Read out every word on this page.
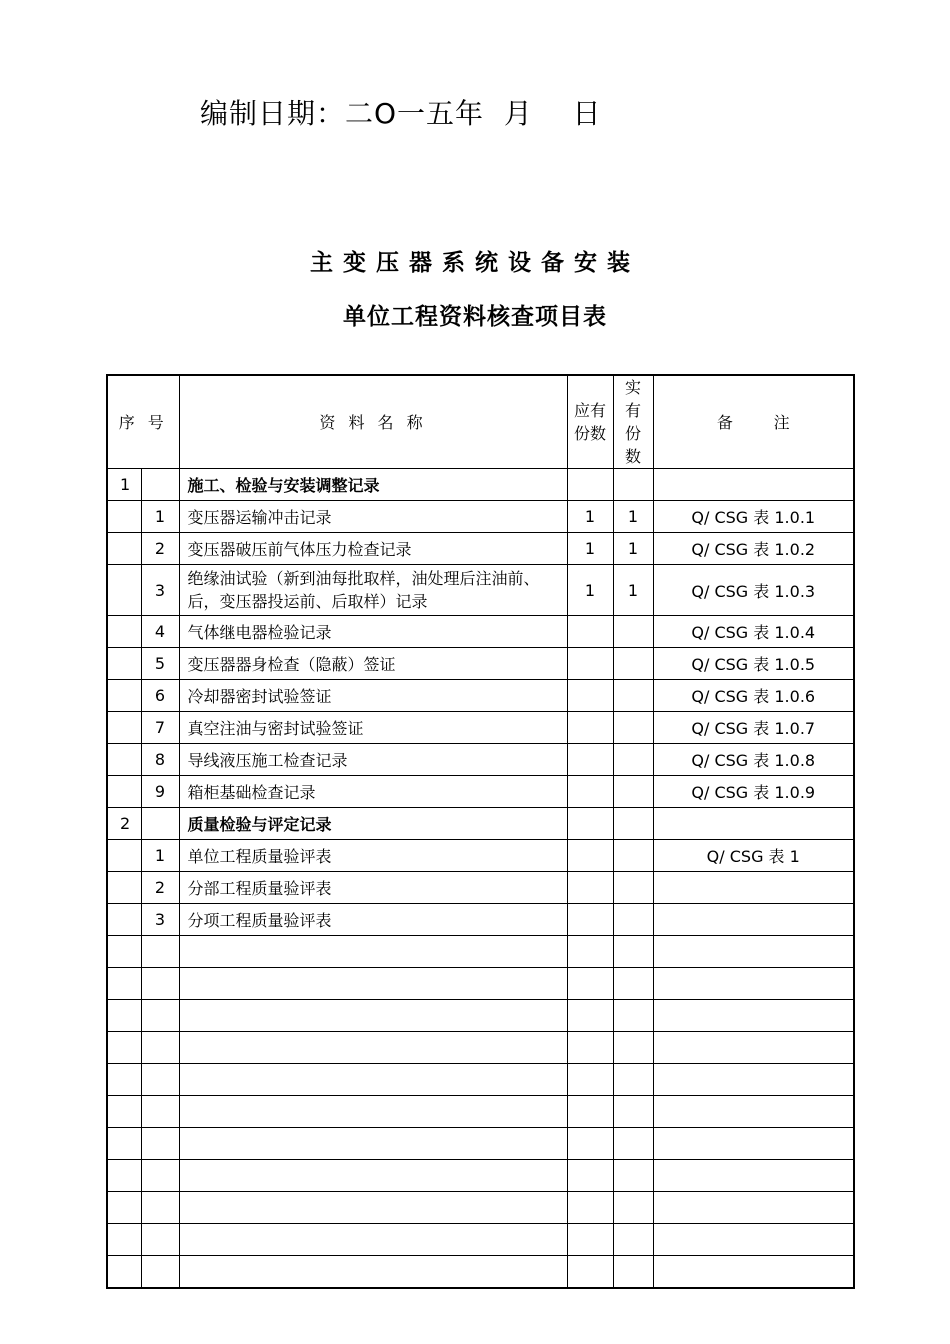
编制日期：二O一五年  月    日
主变压器系统设备安装
单位工程资料核查项目表
序 号		资 料 名 称	应有份数	实有份数	备        注
1		施工、检验与安装调整记录			
	1	变压器运输冲击记录	1	1	Q/ CSG 表 1.0.1
	2	变压器破压前气体压力检查记录	1	1	Q/ CSG 表 1.0.2
	3	绝缘油试验（新到油每批取样，油处理后注油前、后，变压器投运前、后取样）记录	1	1	Q/ CSG 表 1.0.3
	4	气体继电器检验记录			Q/ CSG 表 1.0.4
	5	变压器器身检查（隐蔽）签证			Q/ CSG 表 1.0.5
	6	冷却器密封试验签证			Q/ CSG 表 1.0.6
	7	真空注油与密封试验签证			Q/ CSG 表 1.0.7
	8	导线液压施工检查记录			Q/ CSG 表 1.0.8
	9	箱柜基础检查记录			Q/ CSG 表 1.0.9
2		质量检验与评定记录			
	1	单位工程质量验评表			Q/ CSG 表 1
	2	分部工程质量验评表			
	3	分项工程质量验评表			
